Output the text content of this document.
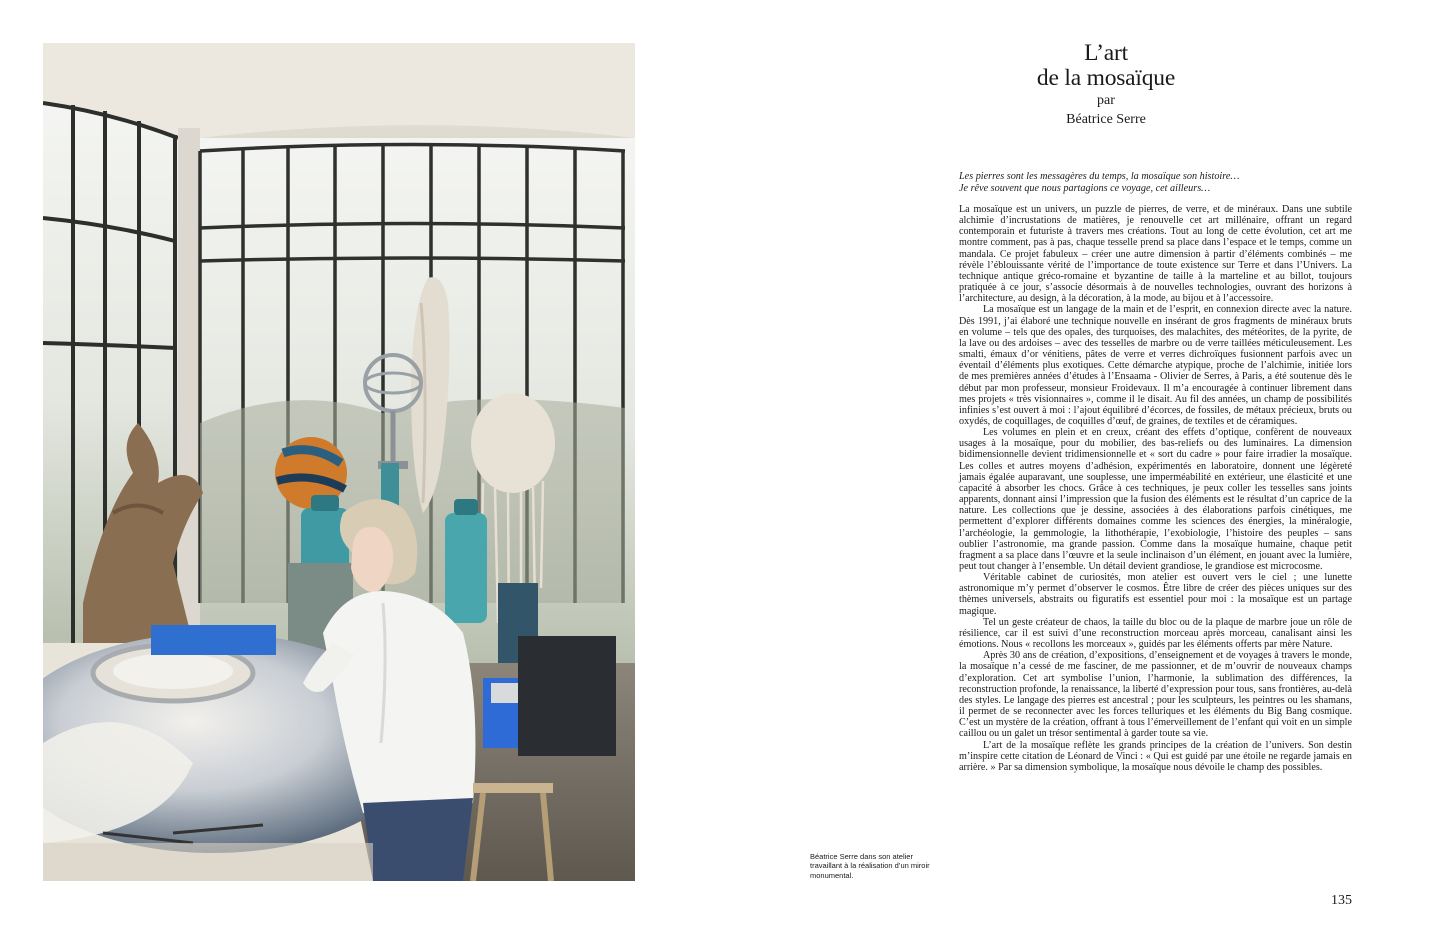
Béatrice Serre dans son atelier travaillant à la réalisation d’un miroir monumental.
L’art
de la mosaïque
par
Béatrice Serre
Les pierres sont les messagères du temps, la mosaïque son histoire…
Je rêve souvent que nous partagions ce voyage, cet ailleurs…

La mosaïque est un univers, un puzzle de pierres, de verre, et de minéraux. Dans une subtile alchimie d’incrustations de matières, je renouvelle cet art millénaire, offrant un regard contemporain et futuriste à travers mes créations. Tout au long de cette évolution, cet art me montre comment, pas à pas, chaque tesselle prend sa place dans l’espace et le temps, comme un mandala. Ce projet fabuleux – créer une autre dimension à partir d’éléments combinés – me révèle l’éblouissante vérité de l’importance de toute existence sur Terre et dans l’Univers. La technique antique gréco-romaine et byzantine de taille à la marteline et au billot, toujours pratiquée à ce jour, s’associe désormais à de nouvelles technologies, ouvrant des horizons à l’architecture, au design, à la décoration, à la mode, au bijou et à l’accessoire.

La mosaïque est un langage de la main et de l’esprit, en connexion directe avec la nature. Dès 1991, j’ai élaboré une technique nouvelle en insérant de gros fragments de minéraux bruts en volume – tels que des opales, des turquoises, des malachites, des météorites, de la pyrite, de la lave ou des ardoises – avec des tesselles de marbre ou de verre taillées méticuleusement. Les smalti, émaux d’or vénitiens, pâtes de verre et verres dichroïques fusionnent parfois avec un éventail d’éléments plus exotiques. Cette démarche atypique, proche de l’alchimie, initiée lors de mes premières années d’études à l’Ensaama - Olivier de Serres, à Paris, a été soutenue dès le début par mon professeur, monsieur Froidevaux. Il m’a encouragée à continuer librement dans mes projets « très visionnaires », comme il le disait. Au fil des années, un champ de possibilités infinies s’est ouvert à moi : l’ajout équilibré d’écorces, de fossiles, de métaux précieux, bruts ou oxydés, de coquillages, de coquilles d’œuf, de graines, de textiles et de céramiques.

Les volumes en plein et en creux, créant des effets d’optique, confèrent de nouveaux usages à la mosaïque, pour du mobilier, des bas-reliefs ou des luminaires. La dimension bidimensionnelle devient tridimensionnelle et « sort du cadre » pour faire irradier la mosaïque. Les colles et autres moyens d’adhésion, expérimentés en laboratoire, donnent une légèreté jamais égalée auparavant, une souplesse, une imperméabilité en extérieur, une élasticité et une capacité à absorber les chocs. Grâce à ces techniques, je peux coller les tesselles sans joints apparents, donnant ainsi l’impression que la fusion des éléments est le résultat d’un caprice de la nature. Les collections que je dessine, associées à des élaborations parfois cinétiques, me permettent d’explorer différents domaines comme les sciences des énergies, la minéralogie, l’archéologie, la gemmologie, la lithothérapie, l’exobiologie, l’histoire des peuples – sans oublier l’astronomie, ma grande passion. Comme dans la mosaïque humaine, chaque petit fragment a sa place dans l’œuvre et la seule inclinaison d’un élément, en jouant avec la lumière, peut tout changer à l’ensemble. Un détail devient grandiose, le grandiose est microcosme.

Véritable cabinet de curiosités, mon atelier est ouvert vers le ciel ; une lunette astronomique m’y permet d’observer le cosmos. Être libre de créer des pièces uniques sur des thèmes universels, abstraits ou figuratifs est essentiel pour moi : la mosaïque est un partage magique.

Tel un geste créateur de chaos, la taille du bloc ou de la plaque de marbre joue un rôle de résilience, car il est suivi d’une reconstruction morceau après morceau, canalisant ainsi les émotions. Nous « recollons les morceaux », guidés par les éléments offerts par mère Nature.

Après 30 ans de création, d’expositions, d’enseignement et de voyages à travers le monde, la mosaïque n’a cessé de me fasciner, de me passionner, et de m’ouvrir de nouveaux champs d’exploration. Cet art symbolise l’union, l’harmonie, la sublimation des différences, la reconstruction profonde, la renaissance, la liberté d’expression pour tous, sans frontières, au-delà des styles. Le langage des pierres est ancestral ; pour les sculpteurs, les peintres ou les shamans, il permet de se reconnecter avec les forces telluriques et les éléments du Big Bang cosmique. C’est un mystère de la création, offrant à tous l’émerveillement de l’enfant qui voit en un simple caillou ou un galet un trésor sentimental à garder toute sa vie.

L’art de la mosaïque reflète les grands principes de la création de l’univers. Son destin m’inspire cette citation de Léonard de Vinci : « Qui est guidé par une étoile ne regarde jamais en arrière. » Par sa dimension symbolique, la mosaïque nous dévoile le champ des possibles.

135
